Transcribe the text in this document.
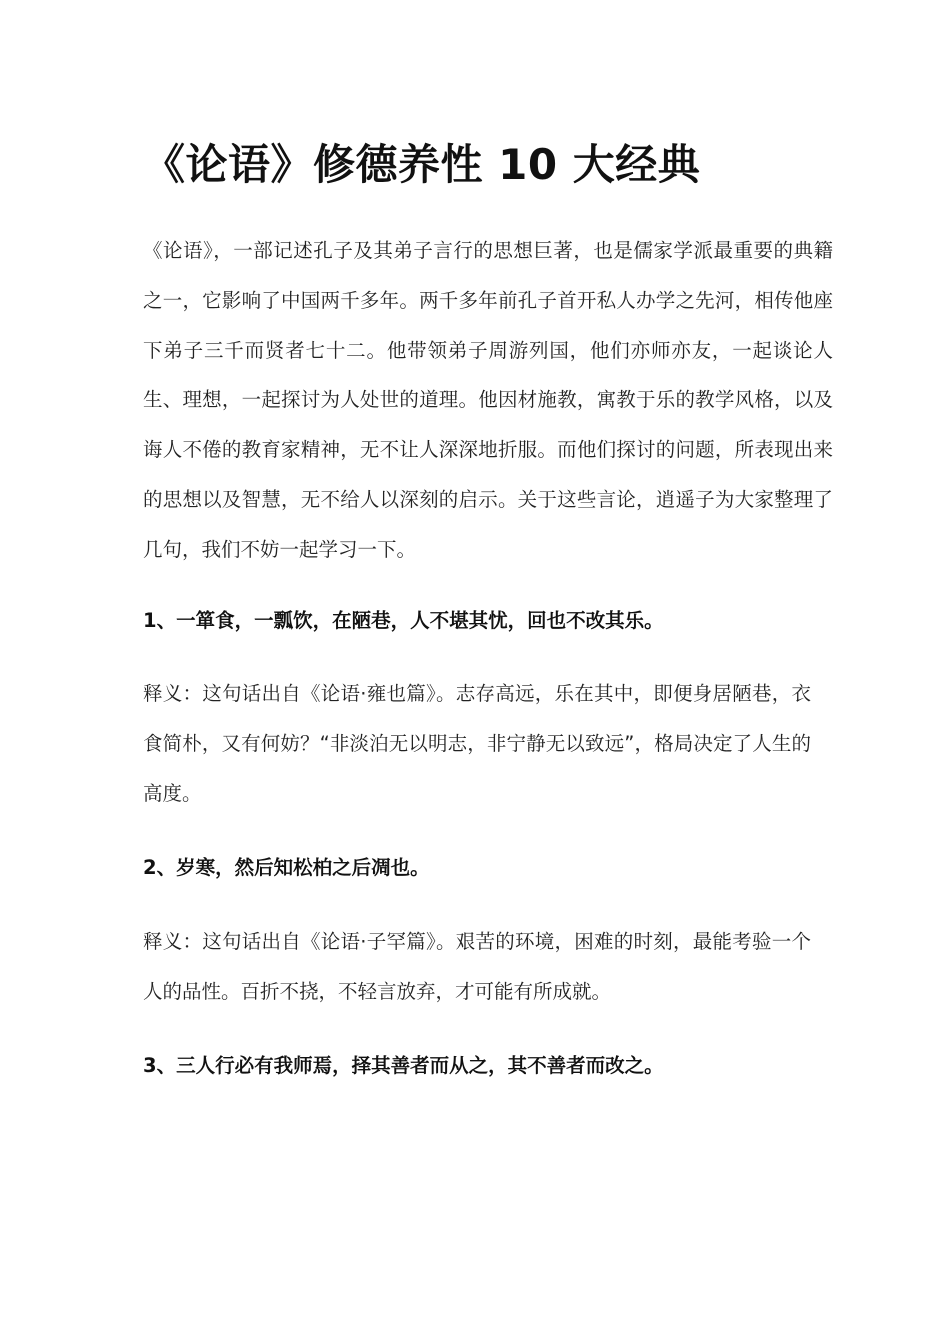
《论语》修德养性 10 大经典

《论语》，一部记述孔子及其弟子言行的思想巨著，也是儒家学派最重要的典籍之一，它影响了中国两千多年。两千多年前孔子首开私人办学之先河，相传他座下弟子三千而贤者七十二。他带领弟子周游列国，他们亦师亦友，一起谈论人生、理想，一起探讨为人处世的道理。他因材施教，寓教于乐的教学风格，以及诲人不倦的教育家精神，无不让人深深地折服。而他们探讨的问题，所表现出来的思想以及智慧，无不给人以深刻的启示。关于这些言论，逍遥子为大家整理了几句，我们不妨一起学习一下。

1、一箪食，一瓢饮，在陋巷，人不堪其忧，回也不改其乐。

释义：这句话出自《论语·雍也篇》。志存高远，乐在其中，即便身居陋巷，衣食简朴，又有何妨？“非淡泊无以明志，非宁静无以致远”，格局决定了人生的高度。

2、岁寒，然后知松柏之后凋也。

释义：这句话出自《论语·子罕篇》。艰苦的环境，困难的时刻，最能考验一个人的品性。百折不挠，不轻言放弃，才可能有所成就。

3、三人行必有我师焉，择其善者而从之，其不善者而改之。
